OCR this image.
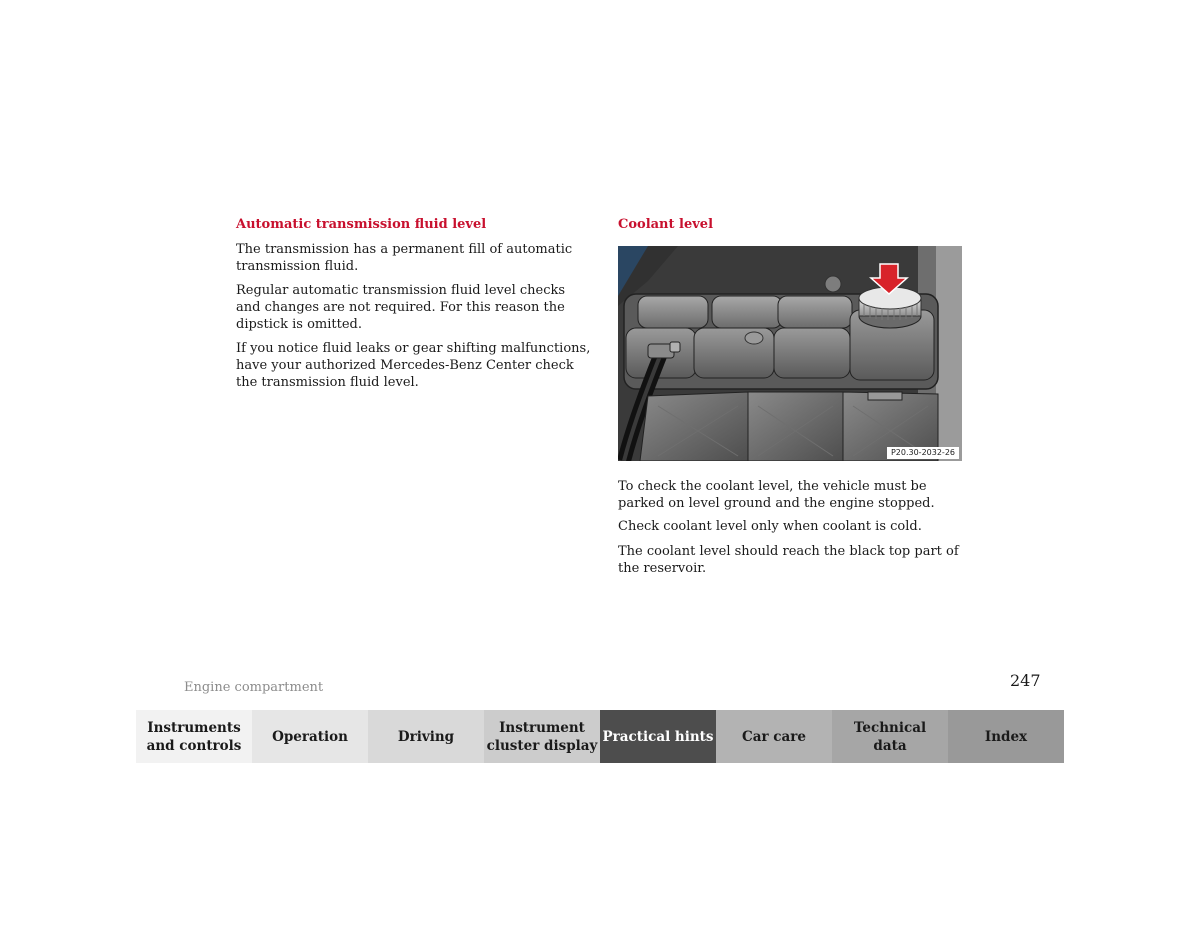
Automatic transmission fluid level

The transmission has a permanent fill of automatic transmission fluid.

Regular automatic transmission fluid level checks and changes are not required. For this reason the dipstick is omitted.

If you notice fluid leaks or gear shifting malfunctions, have your authorized Mercedes-Benz Center check the transmission fluid level.

Coolant level
P20.30-2032-26

To check the coolant level, the vehicle must be parked on level ground and the engine stopped.

Check coolant level only when coolant is cold.

The coolant level should reach the black top part of the reservoir.

Engine compartment	247
Instruments
and controls
Operation	Driving
Instrument
cluster display
Practical hints Car care
Technical
data
Index
